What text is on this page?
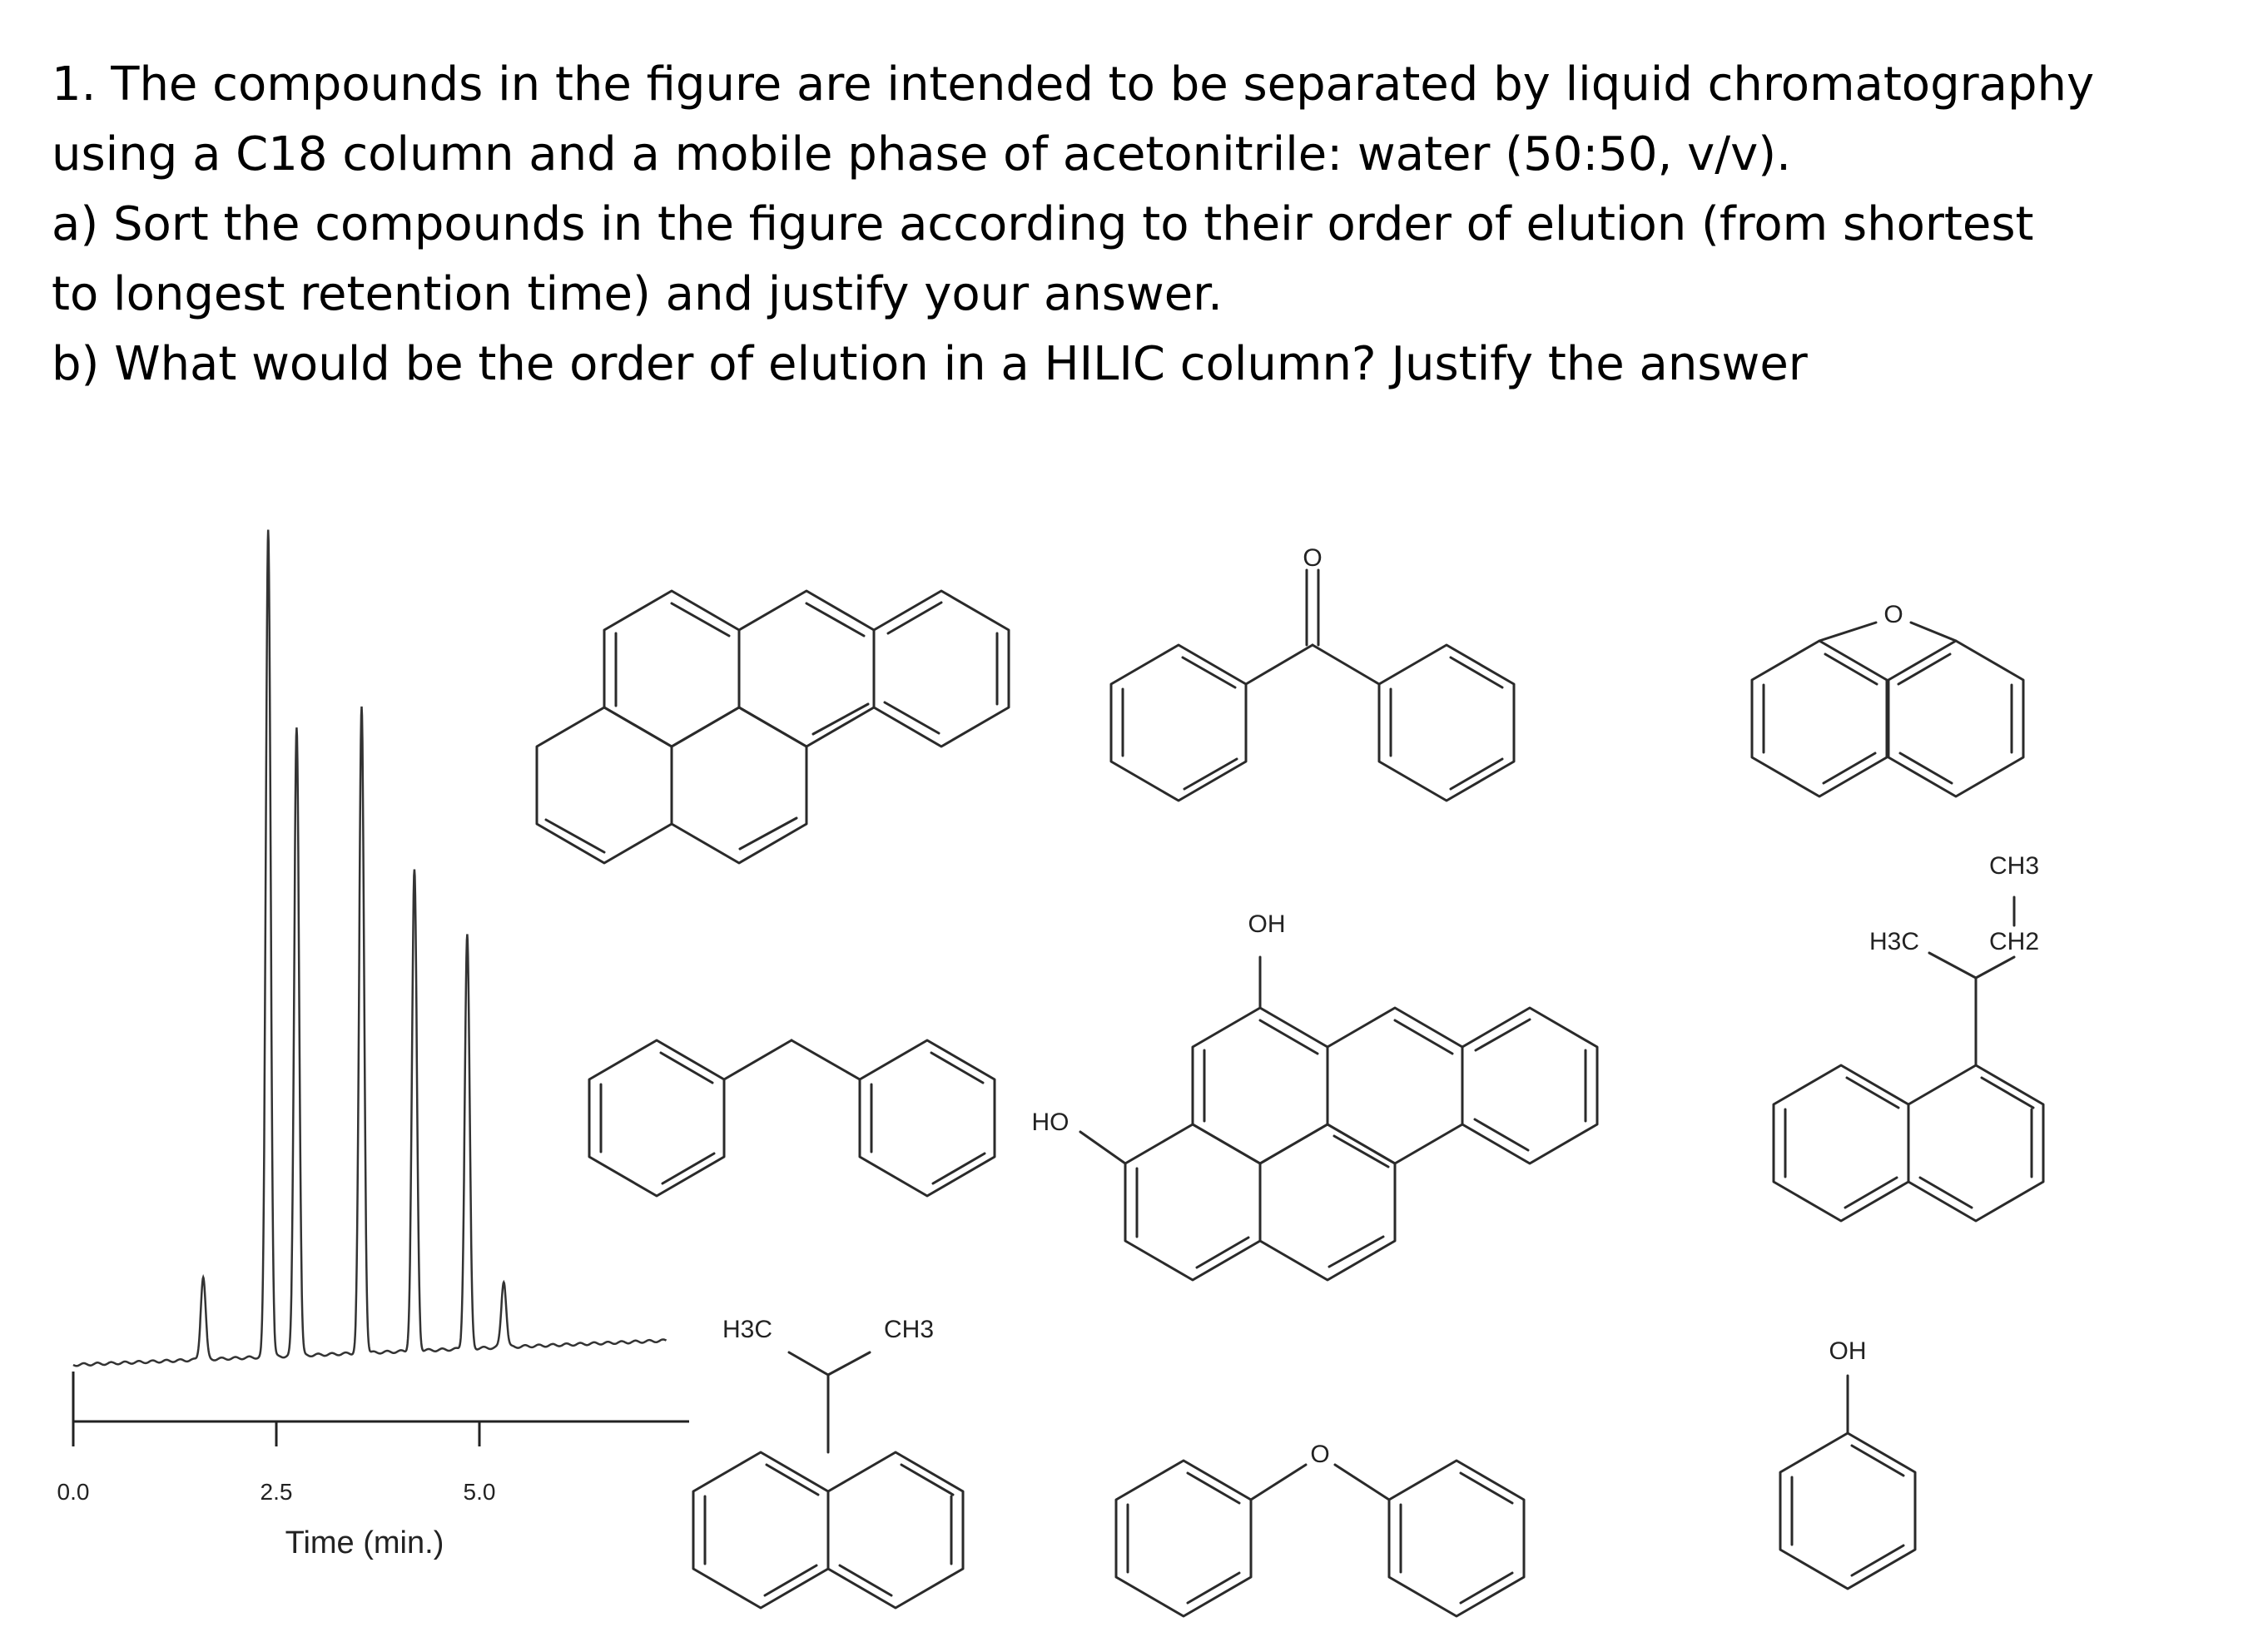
1. The compounds in the figure are intended to be separated by liquid chromatography

using a C18 column and a mobile phase of acetonitrile: water (50:50, v/v).

a) Sort the compounds in the figure according to their order of elution (from shortest

to longest retention time) and justify your answer.

b) What would be the order of elution in a HILIC column? Justify the answer

0.0	2.5	5.0
Time (min.)
O
O
CH3
CH2
H3C
OH
HO
H3C	CH3
O
OH
